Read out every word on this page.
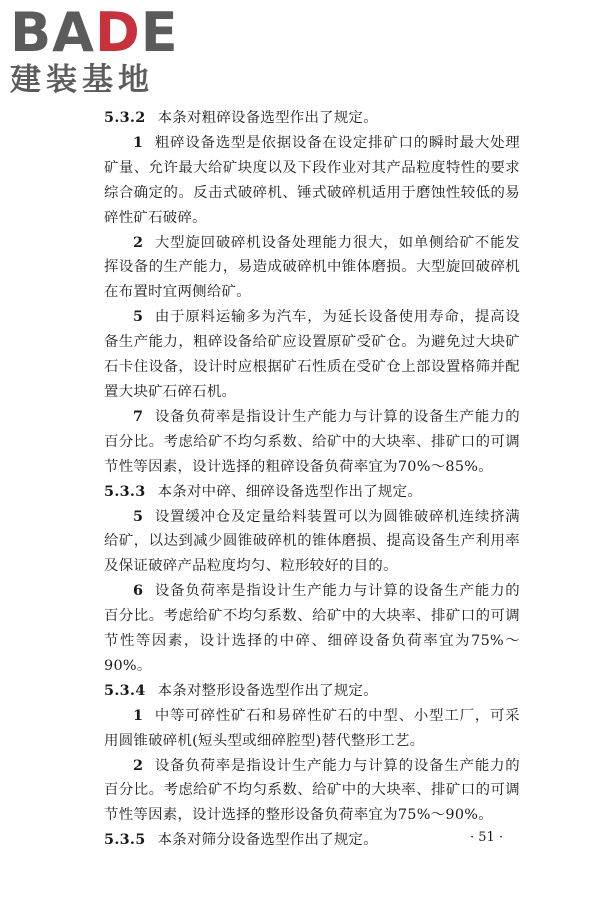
BADE
建装基地

5.3.2 本条对粗碎设备选型作出了规定。

1 粗碎设备选型是依据设备在设定排矿口的瞬时最大处理矿量、允许最大给矿块度以及下段作业对其产品粒度特性的要求综合确定的。反击式破碎机、锤式破碎机适用于磨蚀性较低的易碎性矿石破碎。

2 大型旋回破碎机设备处理能力很大，如单侧给矿不能发挥设备的生产能力，易造成破碎机中锥体磨损。大型旋回破碎机在布置时宜两侧给矿。

5 由于原料运输多为汽车，为延长设备使用寿命，提高设备生产能力，粗碎设备给矿应设置原矿受矿仓。为避免过大块矿石卡住设备，设计时应根据矿石性质在受矿仓上部设置格筛并配置大块矿石碎石机。

7 设备负荷率是指设计生产能力与计算的设备生产能力的百分比。考虑给矿不均匀系数、给矿中的大块率、排矿口的可调节性等因素，设计选择的粗碎设备负荷率宜为70%～85%。

5.3.3 本条对中碎、细碎设备选型作出了规定。

5 设置缓冲仓及定量给料装置可以为圆锥破碎机连续挤满给矿，以达到减少圆锥破碎机的锥体磨损、提高设备生产利用率及保证破碎产品粒度均匀、粒形较好的目的。

6 设备负荷率是指设计生产能力与计算的设备生产能力的百分比。考虑给矿不均匀系数、给矿中的大块率、排矿口的可调节性等因素，设计选择的中碎、细碎设备负荷率宜为75%～90%。

5.3.4 本条对整形设备选型作出了规定。

1 中等可碎性矿石和易碎性矿石的中型、小型工厂，可采用圆锥破碎机(短头型或细碎腔型)替代整形工艺。

2 设备负荷率是指设计生产能力与计算的设备生产能力的百分比。考虑给矿不均匀系数、给矿中的大块率、排矿口的可调节性等因素，设计选择的整形设备负荷率宜为75%～90%。

5.3.5 本条对筛分设备选型作出了规定。	· 51 ·
